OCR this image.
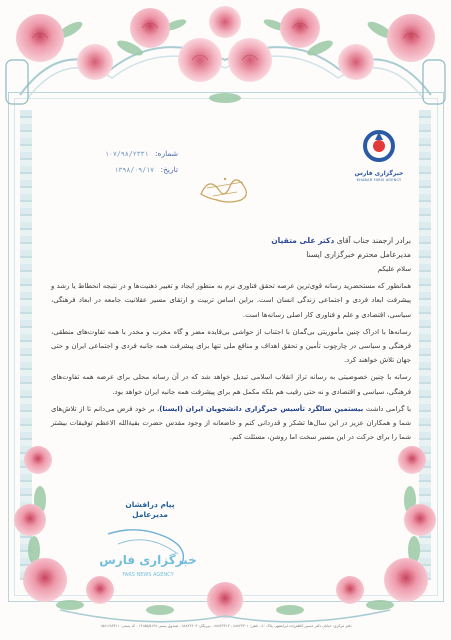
خبرگزاری فارس
KHABAR FARSI AGENCY
شماره: ۱۰۷/۹۸/۲۳۳۱
تاریخ: ۱۳۹۸/۰۹/۱۷
برادر ارجمند جناب آقای دکتر علی متقیان
مدیرعامل محترم خبرگزاری ایسنا

سلام علیکم

همانطور که مستحضرید رسانه قوی‌ترین عرصه تحقق فناوری نرم به منظور ایجاد و تغییر ذهنیت‌ها و در نتیجه انحطاط یا رشد و پیشرفت ابعاد فردی و اجتماعی زندگی انسان است. براین اساس تربیت و ارتقای مسیر عقلانیت جامعه در ابعاد فرهنگی، سیاسی، اقتصادی و علم و فناوری کار اصلی رسانه‌ها است.

رسانه‌ها با ادراک چنین مأموریتی بی‌گمان با اجتناب از حواشی بی‌فایده مضر و گاه مخرب و مخدر با همه تفاوت‌های منطقی، فرهنگی و سیاسی در چارچوب تأمین و تحقق اهداف و منافع ملی تنها برای پیشرفت همه جانبه فردی و اجتماعی ایران و حتی جهان تلاش خواهند کرد.

رسانه با چنین خصوصیتی به رسانه تراز انقلاب اسلامی تبدیل خواهد شد که در آن رسانه محلی برای عرضه همه تفاوت‌های فرهنگی، سیاسی و اقتصادی و نه حتی رقیب هم بلکه مکمل هم برای پیشرفت همه جانبه ایران خواهد بود.

با گرامی داشت بیستمین سالگرد تأسیس خبرگزاری دانشجویان ایران (ایسنا)، بر خود فرض می‌دانم تا از تلاش‌های شما و همکاران عزیز در این سال‌ها تشکر و قدردانی کنم و خاضعانه از وجود مقدس حضرت بقیة‌الله الاعظم توفیقات بیشتر شما را برای حرکت در این مسیر سخت اما روشن، مسئلت کنم.

پیام درافشان
مدیرعامل
خبرگزاری فارس
FARS NEWS AGENCY
دفتر مرکزی: خیابان دکتر حسین کاظم‌زاده ایرانشهر، پلاک ۸۰ - تلفن: ۸۸۸۲۳۳۰۱ - ۸۸۸۲۲۳۱۳ - دورنگار: ۸۸۸۲۲۶۰۳ - صندوق پستی ۱۴۱۵۵/۵۱۳۸ - کد پستی: ۱۵۸۱۶۸۳۴۱۱
